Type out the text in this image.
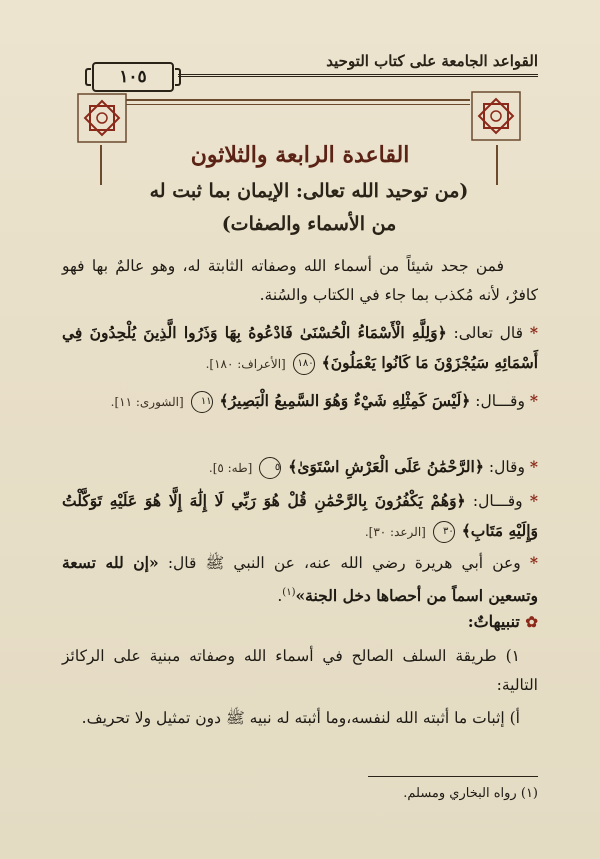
القواعد الجامعة على كتاب التوحيد
١٠٥
القاعدة الرابعة والثلاثون
(من توحيد الله تعالى: الإيمان بما ثبت له
من الأسماء والصفات)

فمن جحد شيئاً من أسماء الله وصفاته الثابتة له، وهو عالمٌ بها فهو كافرٌ، لأنه مُكذب بما جاء في الكتاب والسُنة.

* قال تعالى: ﴿وَلِلَّهِ الْأَسْمَاءُ الْحُسْنَىٰ فَادْعُوهُ بِهَا وَذَرُوا الَّذِينَ يُلْحِدُونَ فِي أَسْمَائِهِ سَيُجْزَوْنَ مَا كَانُوا يَعْمَلُونَ﴾ ١٨٠ [الأعراف: ١٨٠].

* وقـــال: ﴿لَيْسَ كَمِثْلِهِ شَيْءٌ وَهُوَ السَّمِيعُ الْبَصِيرُ﴾ ١١ [الشورى: ١١].

* وقال: ﴿الرَّحْمَٰنُ عَلَى الْعَرْشِ اسْتَوَىٰ﴾ ٥ [طه: ٥].

* وقـــال: ﴿وَهُمْ يَكْفُرُونَ بِالرَّحْمَٰنِ قُلْ هُوَ رَبِّي لَا إِلَٰهَ إِلَّا هُوَ عَلَيْهِ تَوَكَّلْتُ وَإِلَيْهِ مَتَابِ﴾ ٣٠ [الرعد: ٣٠].

* وعن أبي هريرة رضي الله عنه، عن النبي ﷺ قال: «إن لله تسعة وتسعين اسماً من أحصاها دخل الجنة»$^{(١)}$.

✿ تنبيهاتٌ:

١) طريقة السلف الصالح في أسماء الله وصفاته مبنية على الركائز التالية:

أ) إثبات ما أثبته الله لنفسه،وما أثبته له نبيه ﷺ دون تمثيل ولا تحريف.

(١) رواه البخاري ومسلم.
